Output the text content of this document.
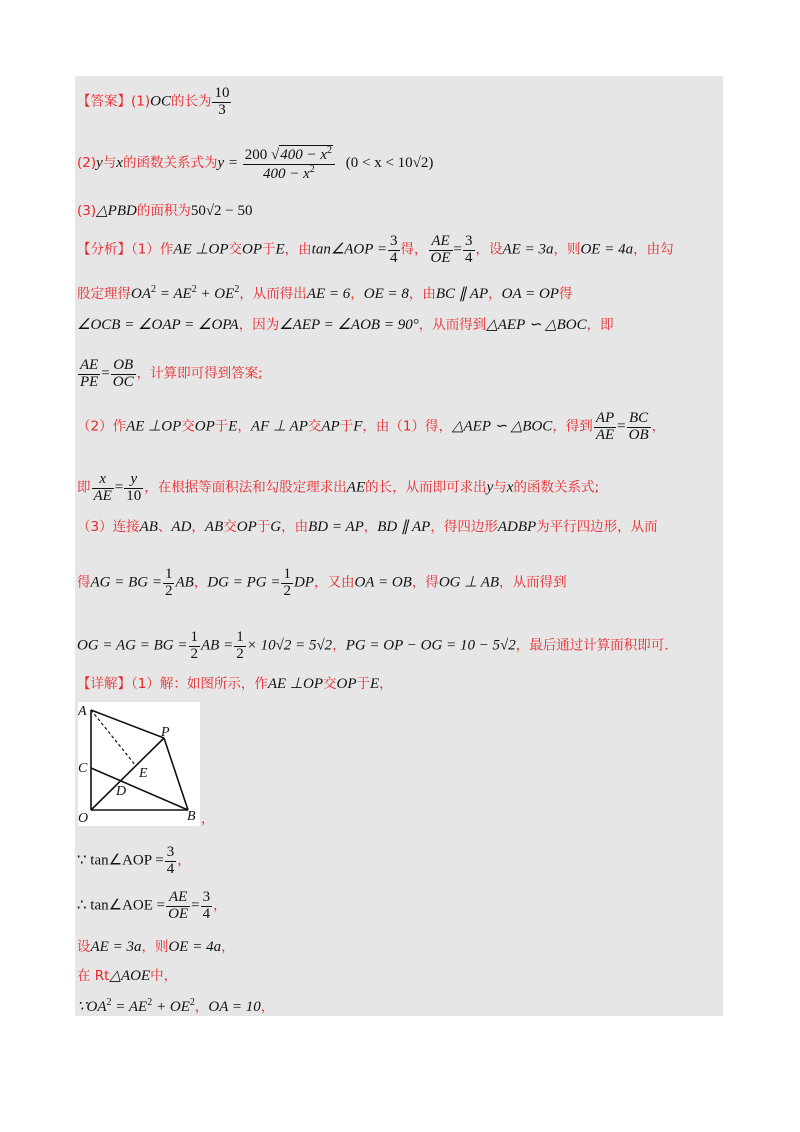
【答案】(1)OC的长为 $\frac{10}{3}$
(2)y与x的函数关系式为$y = \frac{200 √400 - x^2}{400 - x^2} (0 < x < 10√2)$
(3)△PBD的面积为50√2 − 50
【分析】（1）作AE ⊥OP交OP于E，由tan∠AOP = $\frac{3}{4}$ 得， $\frac{AE}{OE} = \frac{3}{4}$ ，设AE = 3a，则OE = 4a，由勾
股定理得$OA^2 = AE^2 + OE^2$，从而得出AE = 6，OE = 8，由BC ∥ AP，OA = OP得
∠OCB = ∠OAP = ∠OPA，因为∠AEP = ∠AOB = 90°，从而得到△AEP ∽ △BOC，即
$\frac{AE}{PE} = \frac{OB}{OC}$ ，计算即可得到答案;
（2）作AE ⊥OP交OP于E，AF ⊥ AP交AP于F，由（1）得，△AEP ∽ △BOC，得到 $\frac{AP}{AE} = \frac{BC}{OB}$ ，
即 $\frac{x}{AE} = \frac{y}{10}$ ，在根据等面积法和勾股定理求出AE的长，从而即可求出y与x的函数关系式;
（3）连接AB、AD，AB交OP于G，由BD = AP，BD ∥ AP，得四边形ADBP为平行四边形，从而
得AG = BG = $\frac{1}{2}$ AB，DG = PG = $\frac{1}{2}$ DP，又由OA = OB，得OG ⊥ AB，从而得到
OG = AG = BG = $\frac{1}{2}$ AB = $\frac{1}{2} \times 10√2 = 5√2$，PG = OP − OG = 10 − 5√2，最后通过计算面积即可.
【详解】（1）解：如图所示，作AE ⊥OP交OP于E，
A
P
C	E
D
O	B ，
∵ tan∠AOP = $\frac{3}{4}$ ，
∴ tan∠AOE = $\frac{AE}{OE} = \frac{3}{4}$ ，
设AE = 3a，则OE = 4a，
在 Rt△AOE中，
$\because OA^2 = AE^2 + OE^2$，OA = 10，
